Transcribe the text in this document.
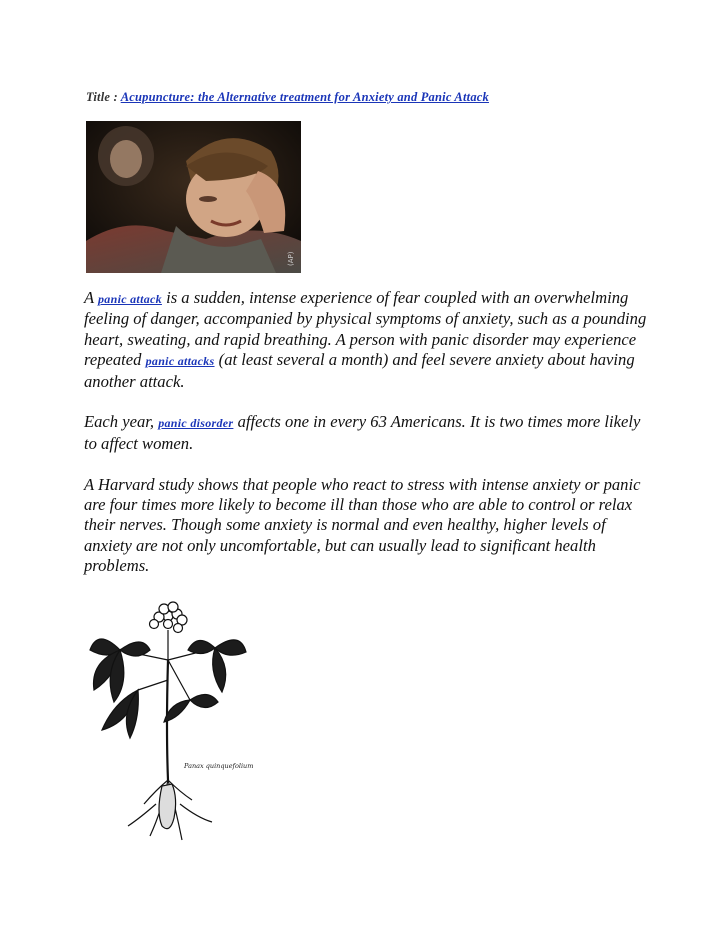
Title : Acupuncture: the Alternative treatment for Anxiety and Panic Attack
(AP)

A panic attack is a sudden, intense experience of fear coupled with an overwhelming feeling of danger, accompanied by physical symptoms of anxiety, such as a pounding heart, sweating, and rapid breathing. A person with panic disorder may experience repeated panic attacks (at least several a month) and feel severe anxiety about having another attack.

Each year, panic disorder affects one in every 63 Americans. It is two times more likely to affect women.

A Harvard study shows that people who react to stress with intense anxiety or panic are four times more likely to become ill than those who are able to control or relax their nerves. Though some anxiety is normal and even healthy, higher levels of anxiety are not only uncomfortable, but can usually lead to significant health problems.

Panax quinquefolium
